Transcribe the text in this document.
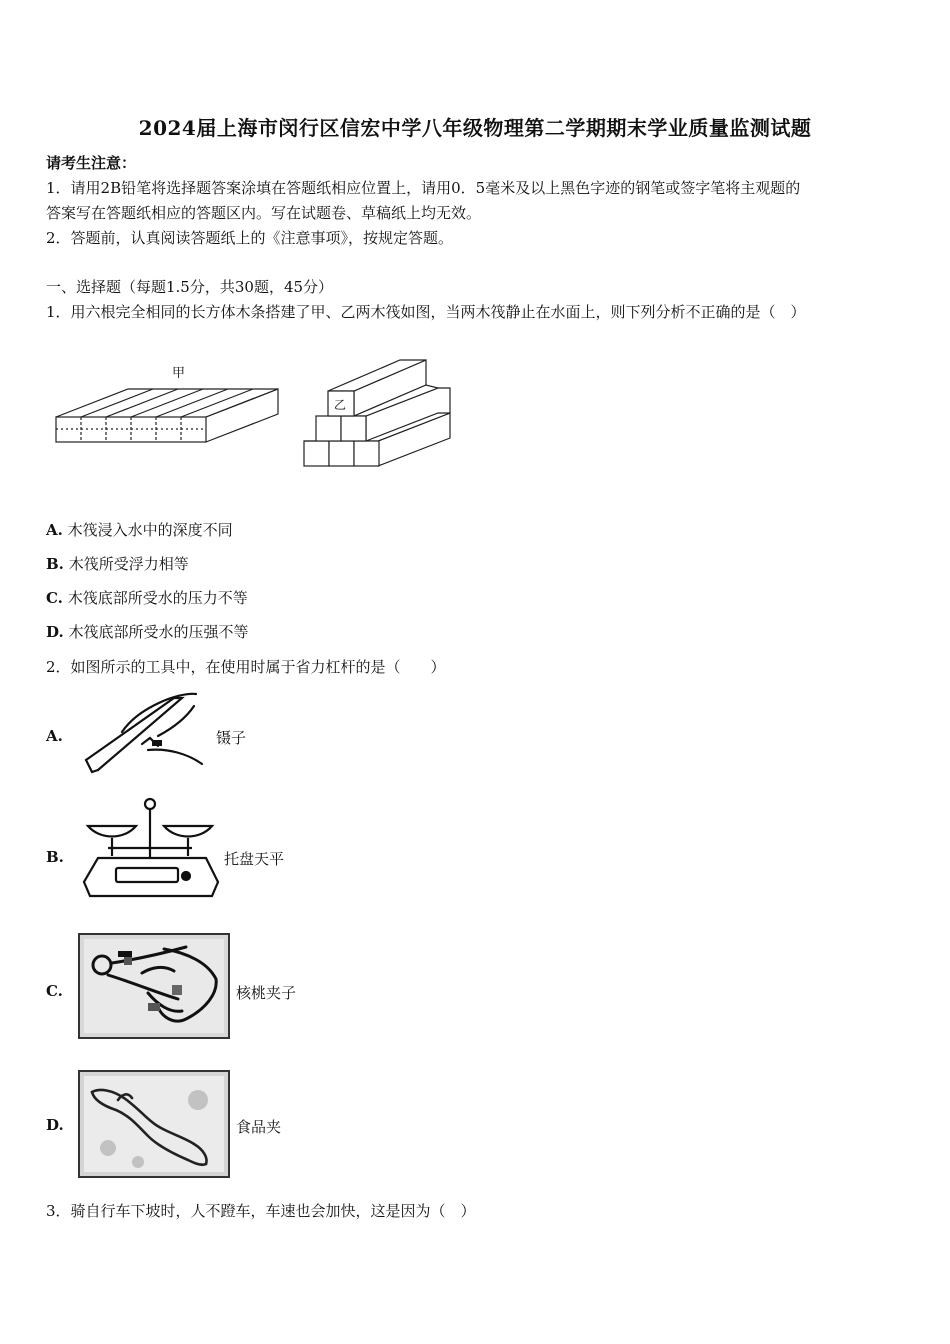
2024届上海市闵行区信宏中学八年级物理第二学期期末学业质量监测试题
请考生注意：
1．请用2B铅笔将选择题答案涂填在答题纸相应位置上，请用0．5毫米及以上黑色字迹的钢笔或签字笔将主观题的
答案写在答题纸相应的答题区内。写在试题卷、草稿纸上均无效。
2．答题前，认真阅读答题纸上的《注意事项》，按规定答题。
一、选择题（每题1.5分，共30题，45分）
1．用六根完全相同的长方体木条搭建了甲、乙两木筏如图，当两木筏静止在水面上，则下列分析不正确的是（　）
甲
乙
A. 木筏浸入水中的深度不同
B. 木筏所受浮力相等
C. 木筏底部所受水的压力不等
D. 木筏底部所受水的压强不等
2．如图所示的工具中，在使用时属于省力杠杆的是（　　）
A.	镊子
B.	托盘天平
C.	核桃夹子
D.	食品夹
3．骑自行车下坡时，人不蹬车，车速也会加快，这是因为（　）
